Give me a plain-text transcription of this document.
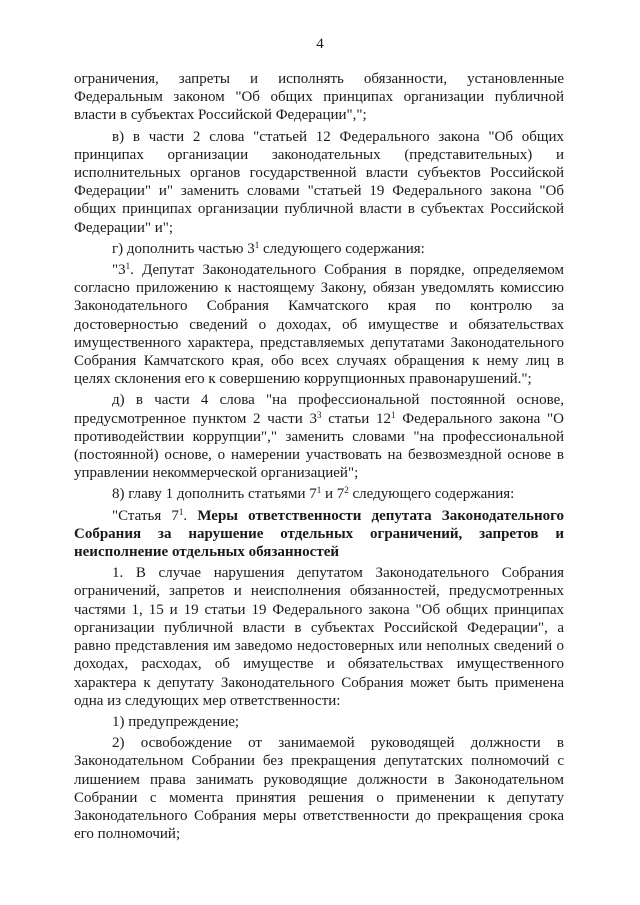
4

ограничения, запреты и исполнять обязанности, установленные Федеральным законом "Об общих принципах организации публичной власти в субъектах Российской Федерации",";

в) в части 2 слова "статьей 12 Федерального закона "Об общих принципах организации законодательных (представительных) и исполнительных органов государственной власти субъектов Российской Федерации" и" заменить словами "статьей 19 Федерального закона "Об общих принципах организации публичной власти в субъектах Российской Федерации" и";

г) дополнить частью $3^1$ следующего содержания:

"$3^1$. Депутат Законодательного Собрания в порядке, определяемом согласно приложению к настоящему Закону, обязан уведомлять комиссию Законодательного Собрания Камчатского края по контролю за достоверностью сведений о доходах, об имуществе и обязательствах имущественного характера, представляемых депутатами Законодательного Собрания Камчатского края, обо всех случаях обращения к нему лиц в целях склонения его к совершению коррупционных правонарушений.";

д) в части 4 слова "на профессиональной постоянной основе, предусмотренное пунктом 2 части $3^3$ статьи $12^1$ Федерального закона "О противодействии коррупции"," заменить словами "на профессиональной (постоянной) основе, о намерении участвовать на безвозмездной основе в управлении некоммерческой организацией";

8) главу 1 дополнить статьями $7^1$ и $7^2$ следующего содержания:

"Статья $7^1$. Меры ответственности депутата Законодательного Собрания за нарушение отдельных ограничений, запретов и неисполнение отдельных обязанностей

1. В случае нарушения депутатом Законодательного Собрания ограничений, запретов и неисполнения обязанностей, предусмотренных частями 1, 15 и 19 статьи 19 Федерального закона "Об общих принципах организации публичной власти в субъектах Российской Федерации", а равно представления им заведомо недостоверных или неполных сведений о доходах, расходах, об имуществе и обязательствах имущественного характера к депутату Законодательного Собрания может быть применена одна из следующих мер ответственности:

1) предупреждение;

2) освобождение от занимаемой руководящей должности в Законодательном Собрании без прекращения депутатских полномочий с лишением права занимать руководящие должности в Законодательном Собрании с момента принятия решения о применении к депутату Законодательного Собрания меры ответственности до прекращения срока его полномочий;
